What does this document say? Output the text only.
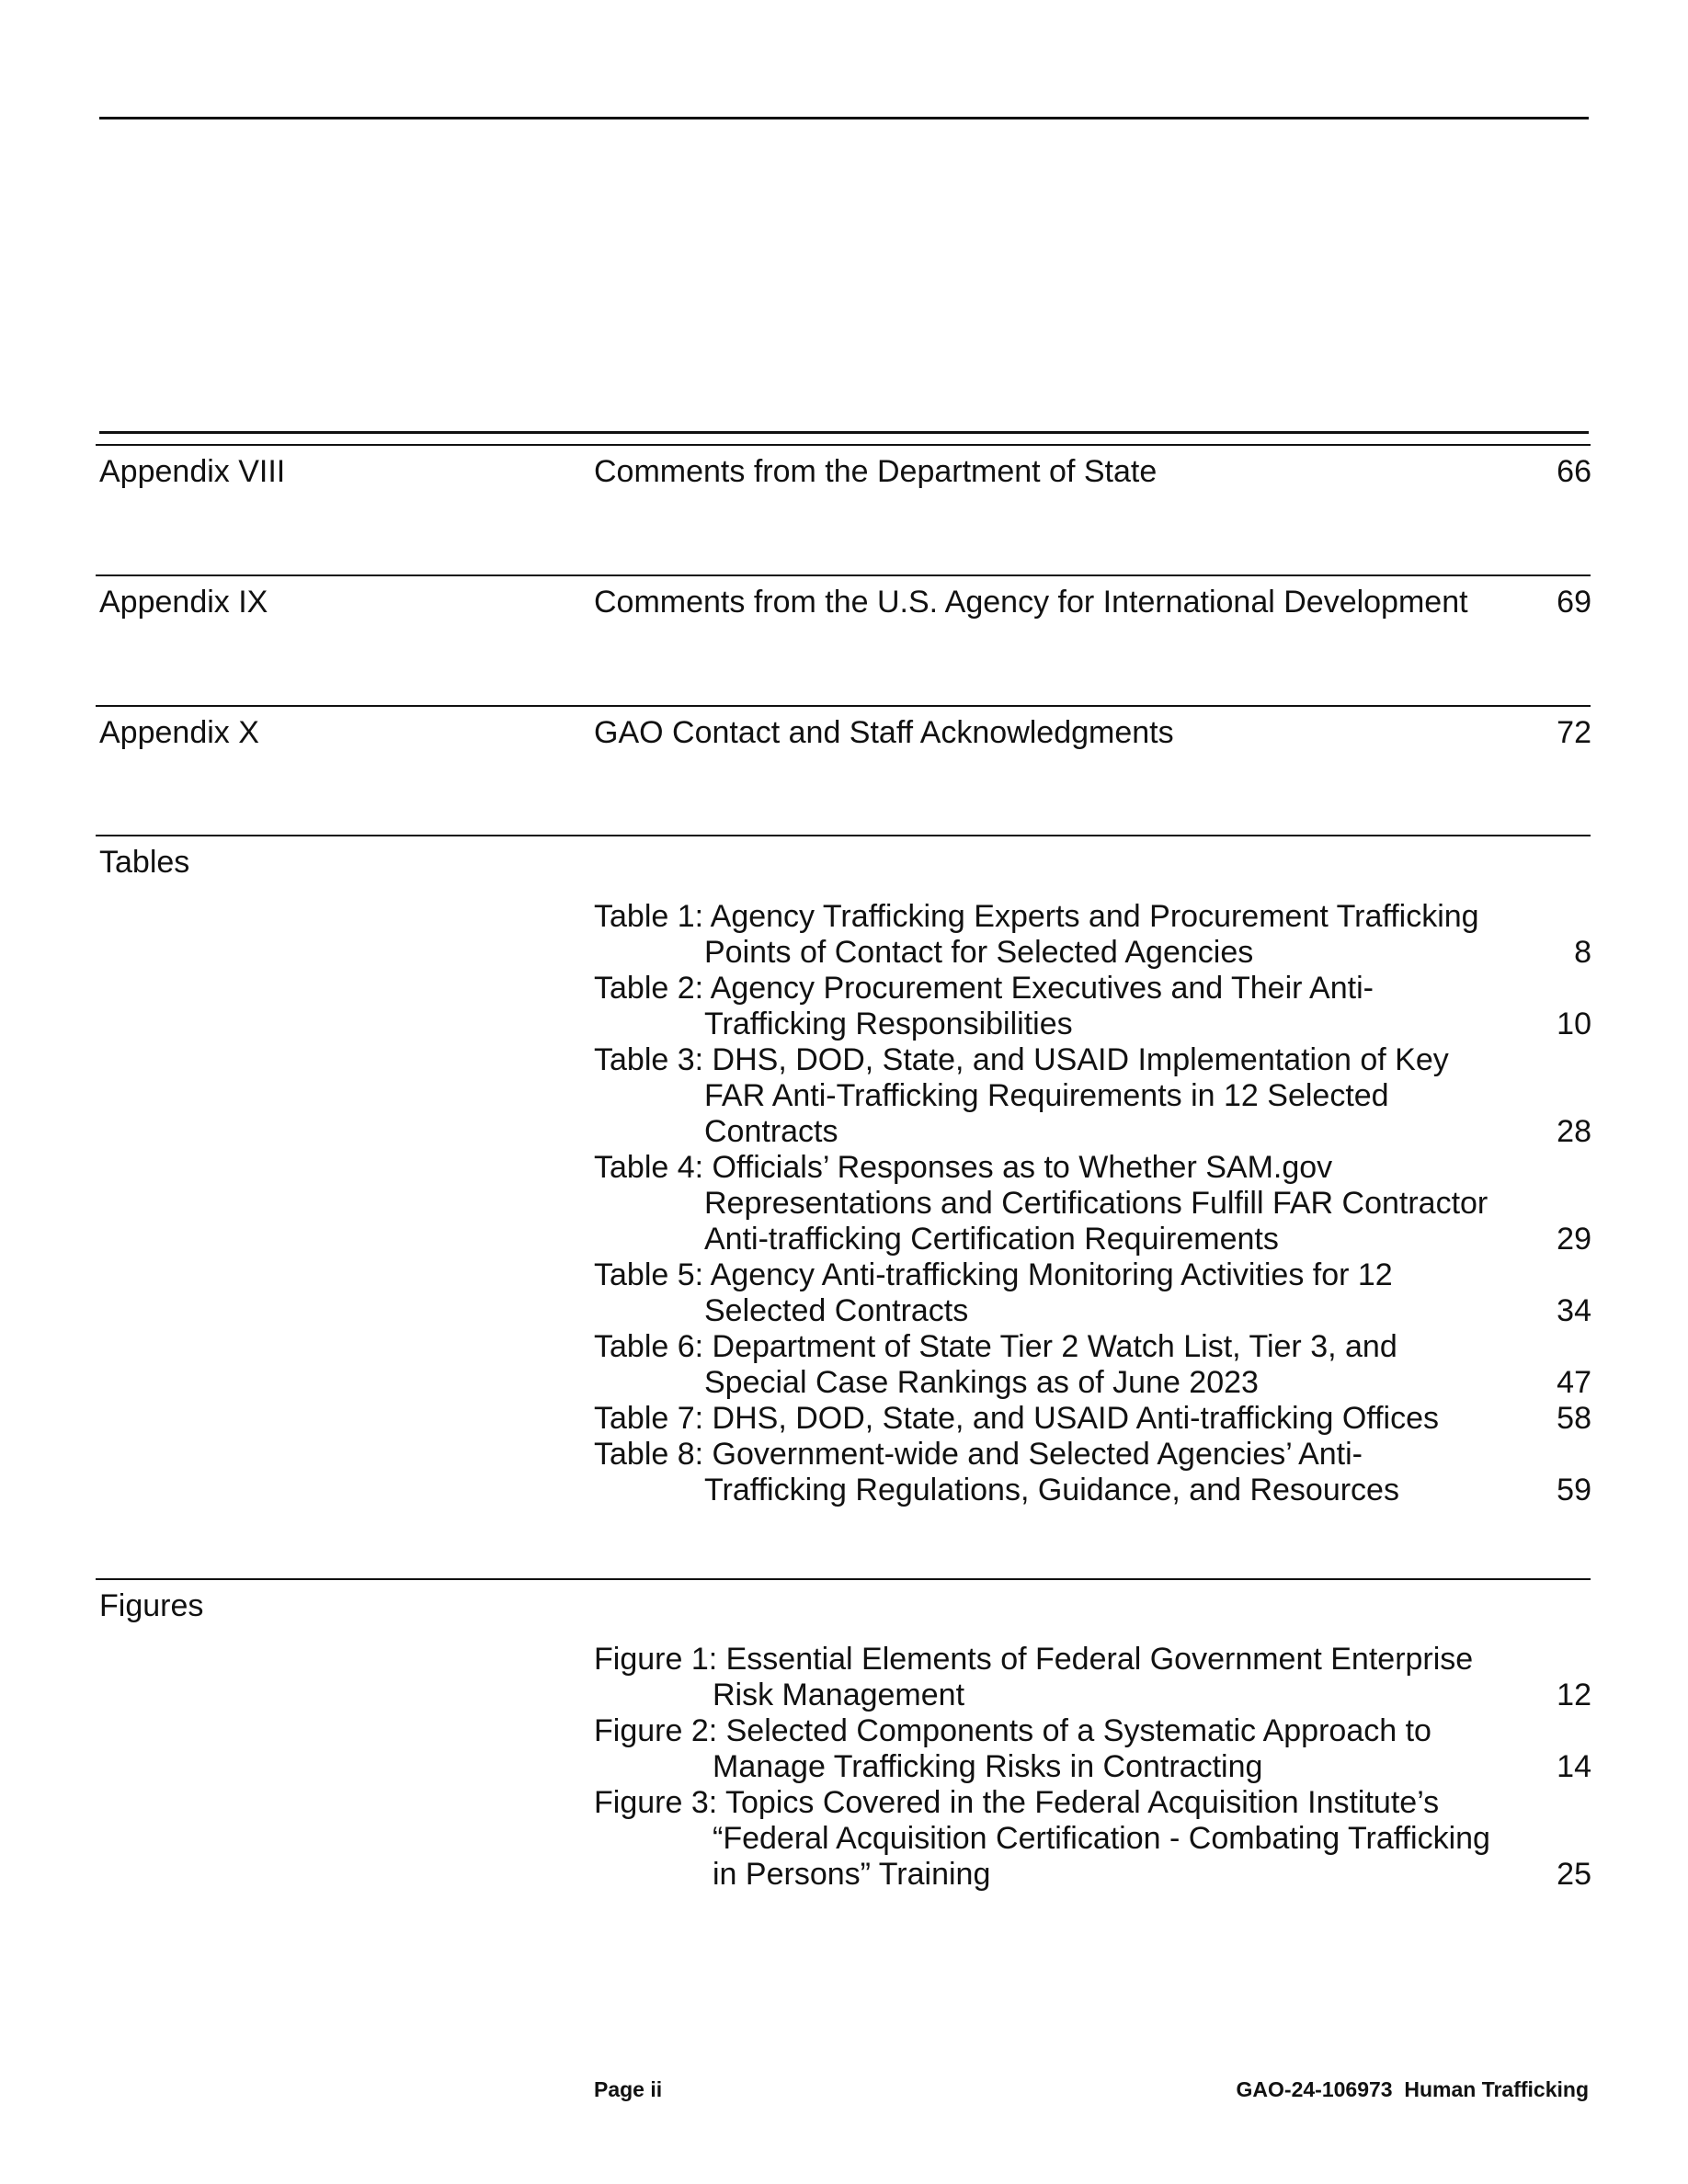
Appendix VIII	Comments from the Department of State	66
Appendix IX	Comments from the U.S. Agency for International Development	69
Appendix X	GAO Contact and Staff Acknowledgments	72
Tables
Table 1: Agency Trafficking Experts and Procurement Trafficking
Points of Contact for Selected Agencies	8
Table 2: Agency Procurement Executives and Their Anti-
Trafficking Responsibilities	10
Table 3: DHS, DOD, State, and USAID Implementation of Key
FAR Anti-Trafficking Requirements in 12 Selected
Contracts	28
Table 4: Officials’ Responses as to Whether SAM.gov
Representations and Certifications Fulfill FAR Contractor
Anti-trafficking Certification Requirements	29
Table 5: Agency Anti-trafficking Monitoring Activities for 12
Selected Contracts	34
Table 6: Department of State Tier 2 Watch List, Tier 3, and
Special Case Rankings as of June 2023	47
Table 7: DHS, DOD, State, and USAID Anti-trafficking Offices	58
Table 8: Government-wide and Selected Agencies’ Anti-
Trafficking Regulations, Guidance, and Resources	59
Figures
Figure 1: Essential Elements of Federal Government Enterprise
Risk Management	12
Figure 2: Selected Components of a Systematic Approach to
Manage Trafficking Risks in Contracting	14
Figure 3: Topics Covered in the Federal Acquisition Institute’s
“Federal Acquisition Certification - Combating Trafficking
in Persons” Training	25
Page ii	GAO-24-106973  Human Trafficking
